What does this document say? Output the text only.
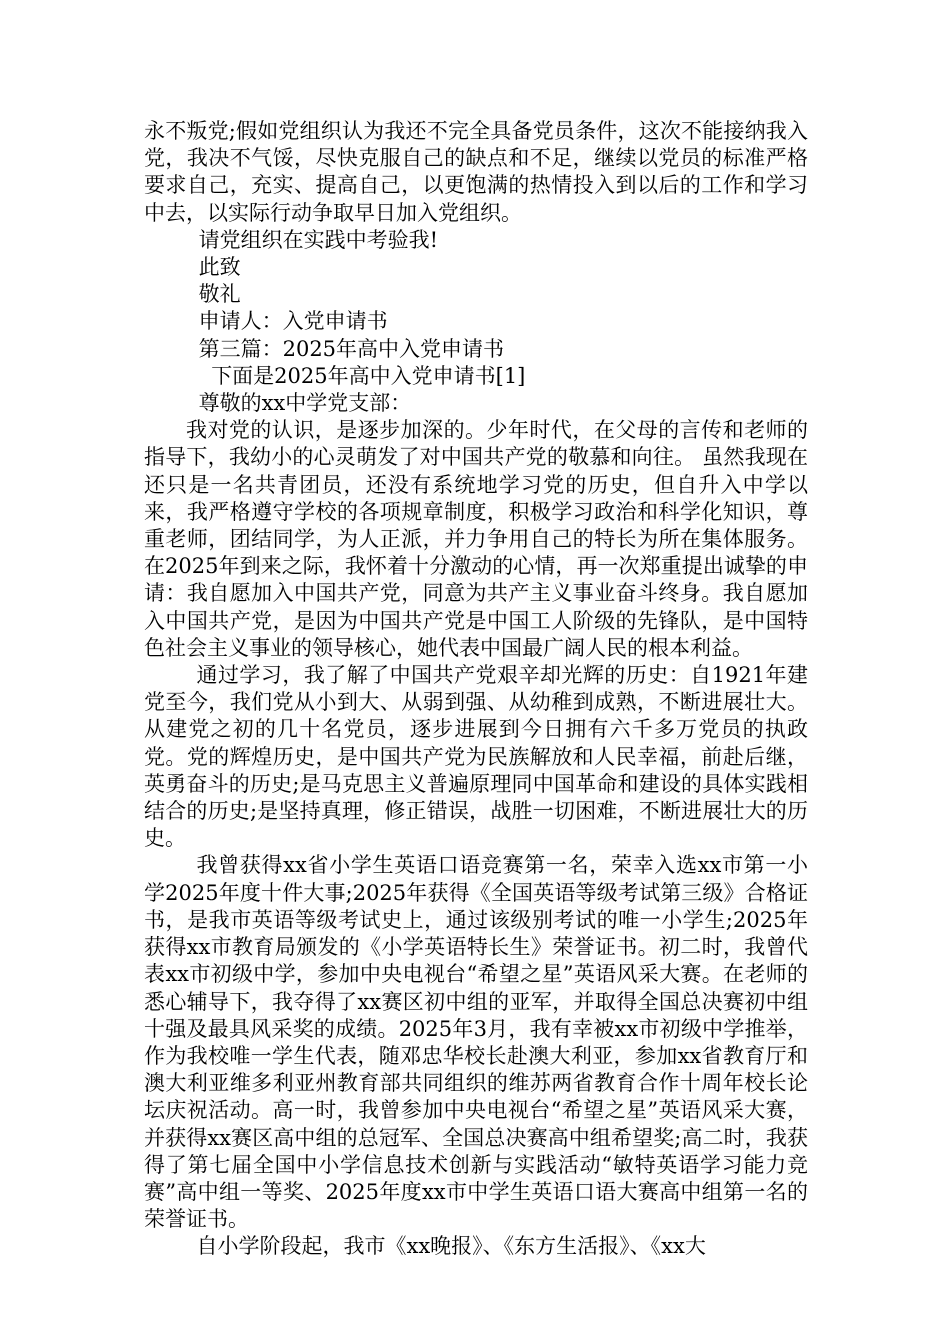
永不叛党;假如党组织认为我还不完全具备党员条件，这次不能接纳我入党，我决不气馁，尽快克服自己的缺点和不足，继续以党员的标准严格要求自己，充实、提高自己，以更饱满的热情投入到以后的工作和学习中去，以实际行动争取早日加入党组织。

请党组织在实践中考验我!

此致

敬礼

申请人：入党申请书

第三篇：2025年高中入党申请书

下面是2025年高中入党申请书[1]

尊敬的xx中学党支部：

我对党的认识，是逐步加深的。少年时代，在父母的言传和老师的指导下，我幼小的心灵萌发了对中国共产党的敬慕和向往。 虽然我现在还只是一名共青团员，还没有系统地学习党的历史，但自升入中学以来，我严格遵守学校的各项规章制度，积极学习政治和科学化知识，尊重老师，团结同学，为人正派，并力争用自己的特长为所在集体服务。在2025年到来之际，我怀着十分激动的心情，再一次郑重提出诚挚的申请：我自愿加入中国共产党，同意为共产主义事业奋斗终身。我自愿加入中国共产党，是因为中国共产党是中国工人阶级的先锋队，是中国特色社会主义事业的领导核心，她代表中国最广阔人民的根本利益。

通过学习，我了解了中国共产党艰辛却光辉的历史：自1921年建党至今，我们党从小到大、从弱到强、从幼稚到成熟，不断进展壮大。从建党之初的几十名党员，逐步进展到今日拥有六千多万党员的执政党。党的辉煌历史，是中国共产党为民族解放和人民幸福，前赴后继，英勇奋斗的历史;是马克思主义普遍原理同中国革命和建设的具体实践相结合的历史;是坚持真理，修正错误，战胜一切困难，不断进展壮大的历史。

我曾获得xx省小学生英语口语竞赛第一名，荣幸入选xx市第一小学2025年度十件大事;2025年获得《全国英语等级考试第三级》合格证书，是我市英语等级考试史上，通过该级别考试的唯一小学生;2025年获得xx市教育局颁发的《小学英语特长生》荣誉证书。初二时，我曾代表xx市初级中学，参加中央电视台“希望之星”英语风采大赛。在老师的悉心辅导下，我夺得了xx赛区初中组的亚军，并取得全国总决赛初中组十强及最具风采奖的成绩。2025年3月，我有幸被xx市初级中学推举，作为我校唯一学生代表，随邓忠华校长赴澳大利亚，参加xx省教育厅和澳大利亚维多利亚州教育部共同组织的维苏两省教育合作十周年校长论坛庆祝活动。高一时，我曾参加中央电视台“希望之星”英语风采大赛，并获得xx赛区高中组的总冠军、全国总决赛高中组希望奖;高二时，我获得了第七届全国中小学信息技术创新与实践活动“敏特英语学习能力竞赛”高中组一等奖、2025年度xx市中学生英语口语大赛高中组第一名的荣誉证书。

自小学阶段起，我市《xx晚报》、《东方生活报》、《xx大
